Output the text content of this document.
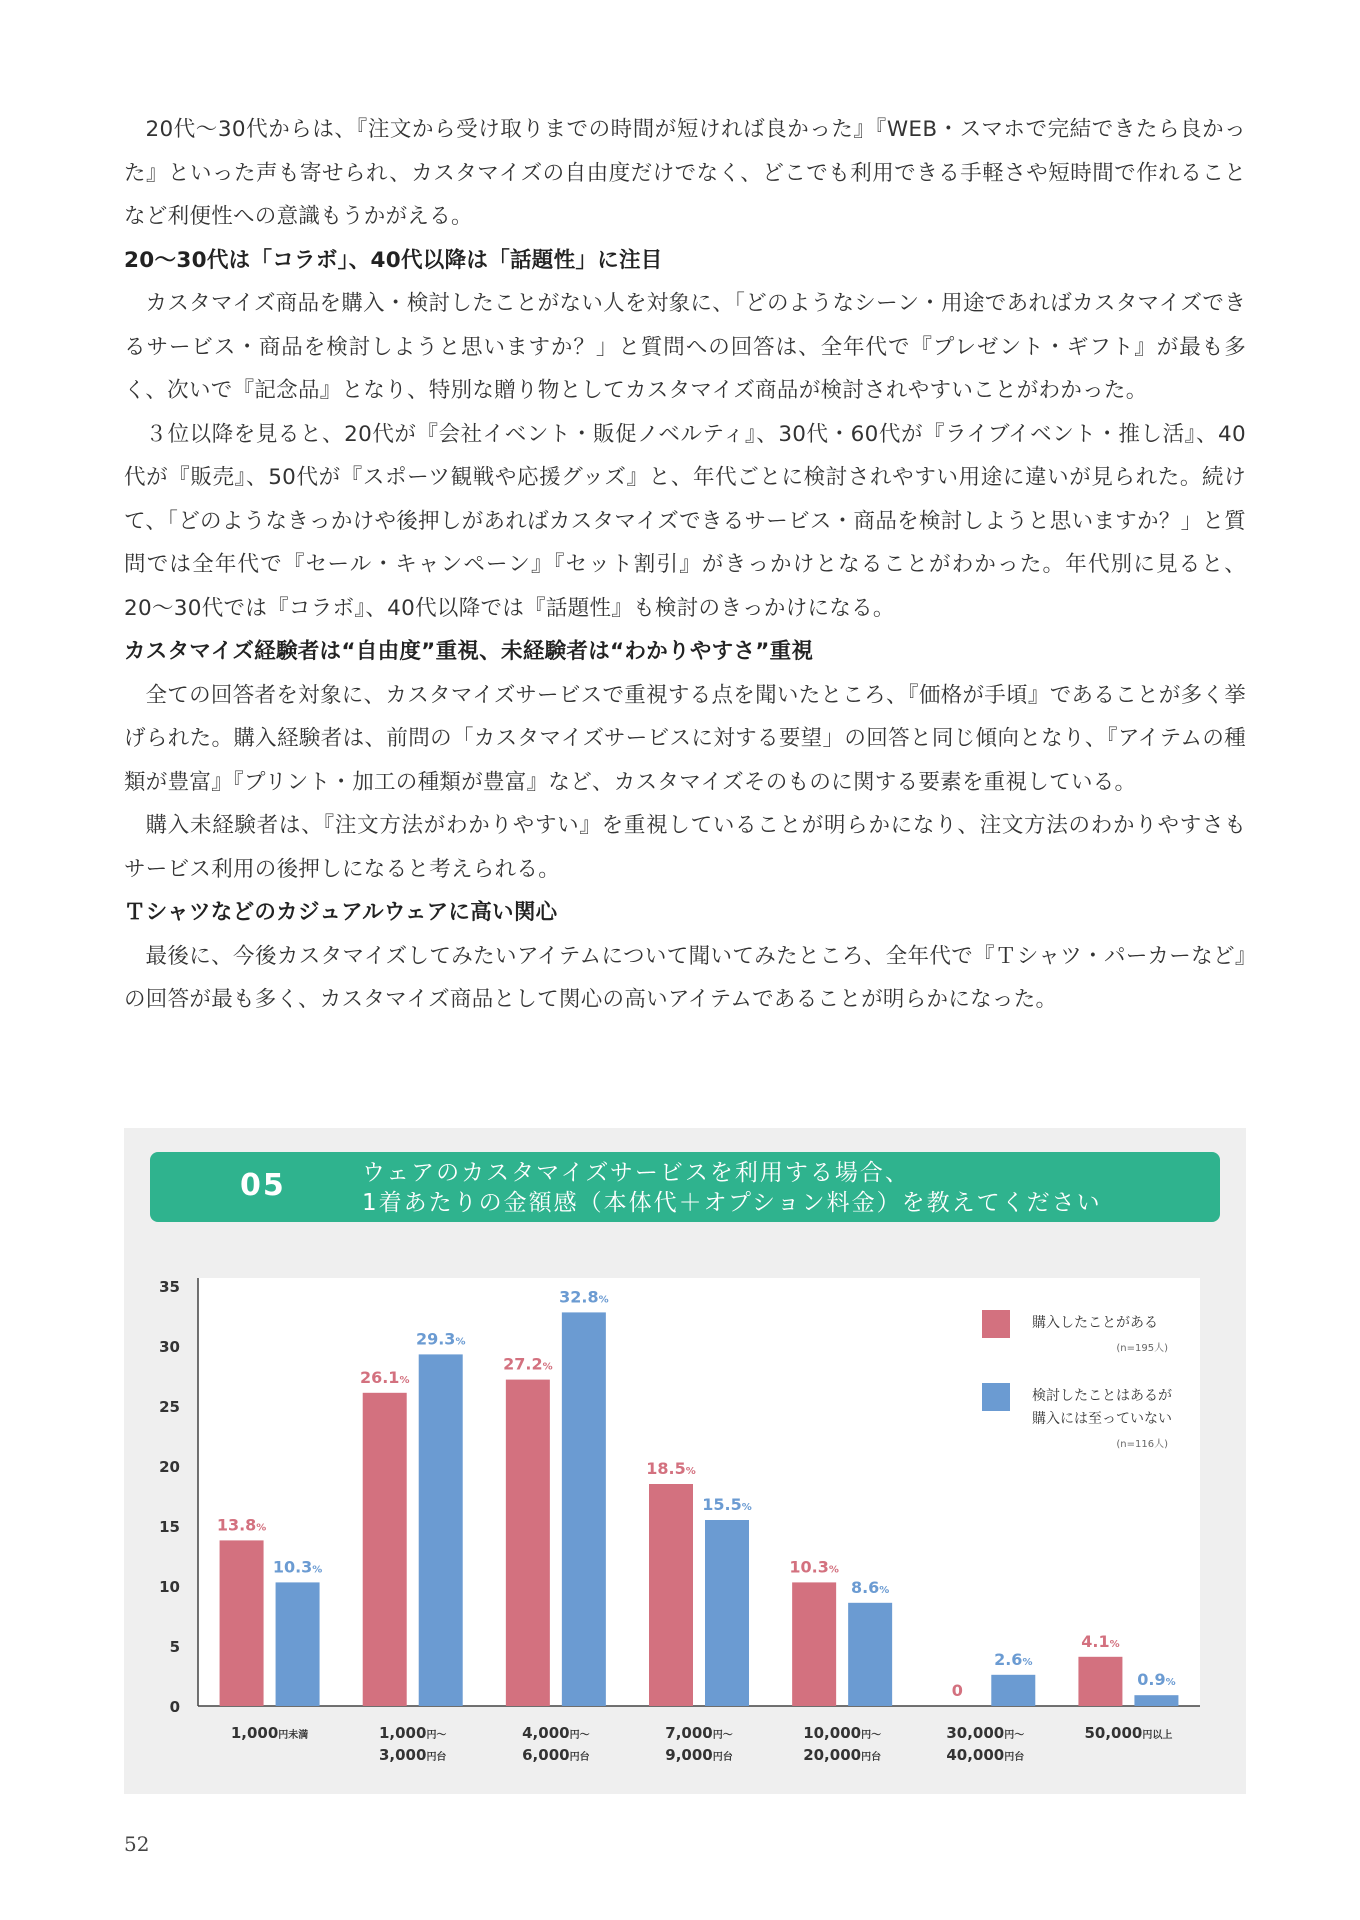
20代〜30代からは、『注文から受け取りまでの時間が短ければ良かった』『WEB・スマホで完結できたら良かった』といった声も寄せられ、カスタマイズの自由度だけでなく、どこでも利用できる手軽さや短時間で作れることなど利便性への意識もうかがえる。

20〜30代は「コラボ」、40代以降は「話題性」に注目

カスタマイズ商品を購入・検討したことがない人を対象に、「どのようなシーン・用途であればカスタマイズできるサービス・商品を検討しようと思いますか？」と質問への回答は、全年代で『プレゼント・ギフト』が最も多く、次いで『記念品』となり、特別な贈り物としてカスタマイズ商品が検討されやすいことがわかった。

３位以降を見ると、20代が『会社イベント・販促ノベルティ』、30代・60代が『ライブイベント・推し活』、40代が『販売』、50代が『スポーツ観戦や応援グッズ』と、年代ごとに検討されやすい用途に違いが見られた。続けて、「どのようなきっかけや後押しがあればカスタマイズできるサービス・商品を検討しようと思いますか？」と質問では全年代で『セール・キャンペーン』『セット割引』がきっかけとなることがわかった。年代別に見ると、20〜30代では『コラボ』、40代以降では『話題性』も検討のきっかけになる。

カスタマイズ経験者は“自由度”重視、未経験者は“わかりやすさ”重視

全ての回答者を対象に、カスタマイズサービスで重視する点を聞いたところ、『価格が手頃』であることが多く挙げられた。購入経験者は、前問の「カスタマイズサービスに対する要望」の回答と同じ傾向となり、『アイテムの種類が豊富』『プリント・加工の種類が豊富』など、カスタマイズそのものに関する要素を重視している。

購入未経験者は、『注文方法がわかりやすい』を重視していることが明らかになり、注文方法のわかりやすさもサービス利用の後押しになると考えられる。

Ｔシャツなどのカジュアルウェアに高い関心

最後に、今後カスタマイズしてみたいアイテムについて聞いてみたところ、全年代で『Ｔシャツ・パーカーなど』の回答が最も多く、カスタマイズ商品として関心の高いアイテムであることが明らかになった。

05	ウェアのカスタマイズサービスを利用する場合、
1着あたりの金額感（本体代＋オプション料金）を教えてください
0
5
10
15
20
25
30
35
13.8%
10.3%
1,000円未満
26.1%
29.3%
1,000円〜
3,000円台
27.2%
32.8%
4,000円〜
6,000円台
18.5%
15.5%
7,000円〜
9,000円台
10.3%
8.6%
10,000円〜
20,000円台
0
2.6%
30,000円〜
40,000円台
4.1%
0.9%
50,000円以上
購入したことがある
(n=195人)
検討したことはあるが
購入には至っていない
(n=116人)
52
